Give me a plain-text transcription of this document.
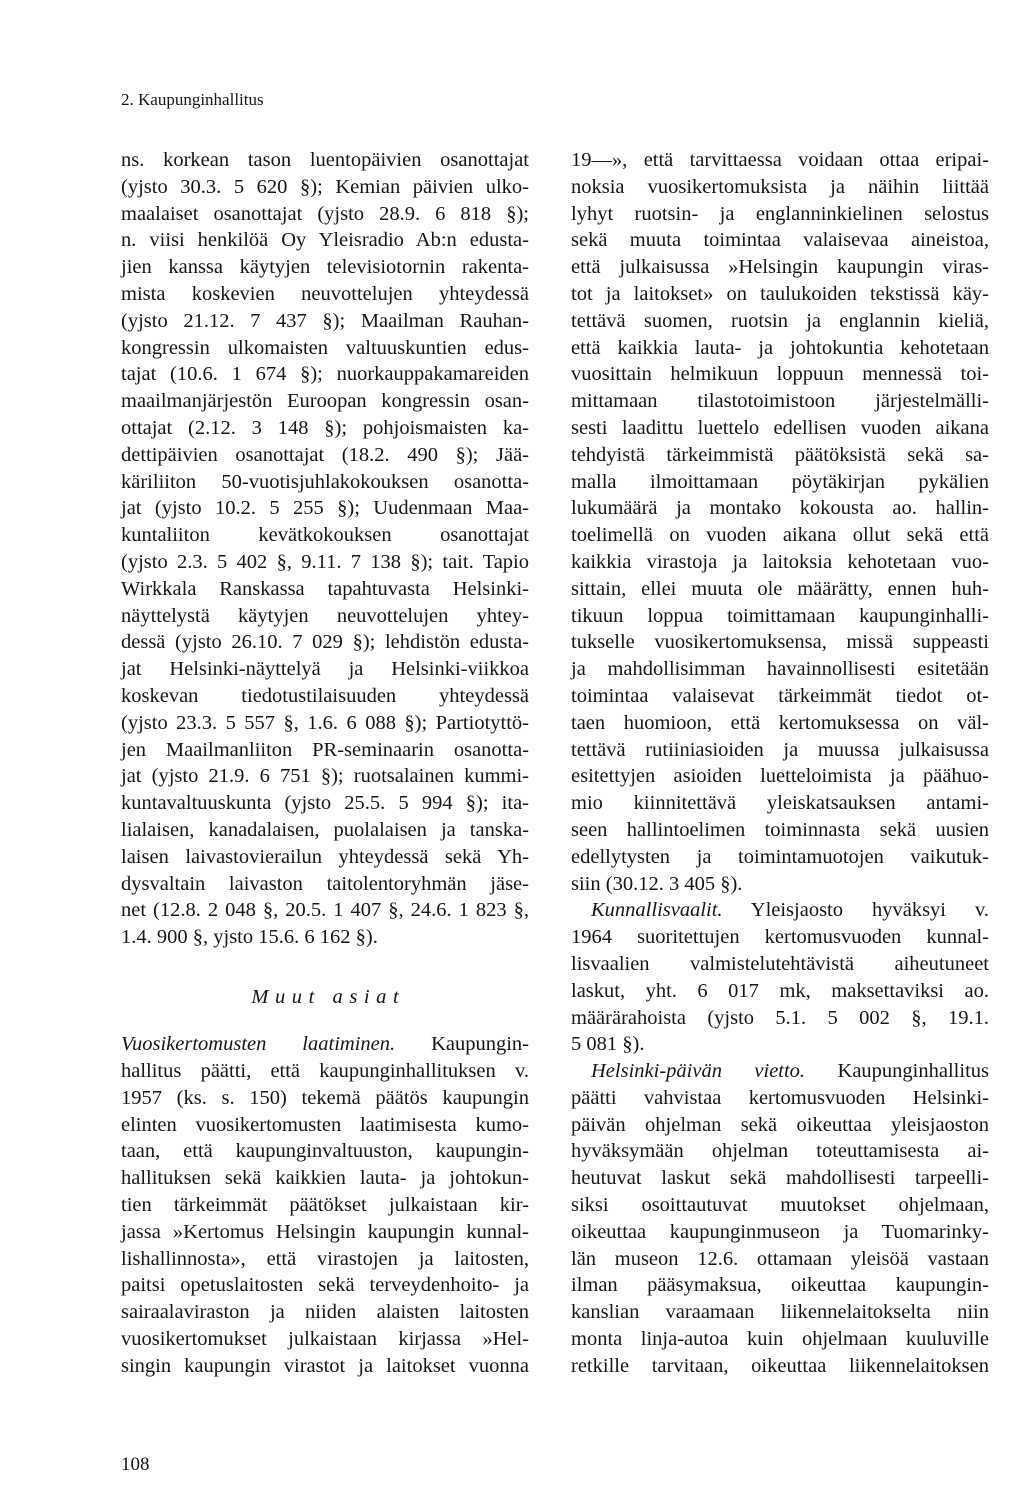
2. Kaupunginhallitus
ns. korkean tason luentopäivien osanottajat
(yjsto 30.3. 5 620 §); Kemian päivien ulko-
maalaiset osanottajat (yjsto 28.9. 6 818 §);
n. viisi henkilöä Oy Yleisradio Ab:n edusta-
jien kanssa käytyjen televisiotornin rakenta-
mista koskevien neuvottelujen yhteydessä
(yjsto 21.12. 7 437 §); Maailman Rauhan-
kongressin ulkomaisten valtuuskuntien edus-
tajat (10.6. 1 674 §); nuorkauppakamareiden
maailmanjärjestön Euroopan kongressin osan-
ottajat (2.12. 3 148 §); pohjoismaisten ka-
dettipäivien osanottajat (18.2. 490 §); Jää-
käriliiton 50-vuotisjuhlakokouksen osanotta-
jat (yjsto 10.2. 5 255 §); Uudenmaan Maa-
kuntaliiton kevätkokouksen osanottajat
(yjsto 2.3. 5 402 §, 9.11. 7 138 §); tait. Tapio
Wirkkala Ranskassa tapahtuvasta Helsinki-
näyttelystä käytyjen neuvottelujen yhtey-
dessä (yjsto 26.10. 7 029 §); lehdistön edusta-
jat Helsinki-näyttelyä ja Helsinki-viikkoa
koskevan tiedotustilaisuuden yhteydessä
(yjsto 23.3. 5 557 §, 1.6. 6 088 §); Partiotyttö-
jen Maailmanliiton PR-seminaarin osanotta-
jat (yjsto 21.9. 6 751 §); ruotsalainen kummi-
kuntavaltuuskunta (yjsto 25.5. 5 994 §); ita-
lialaisen, kanadalaisen, puolalaisen ja tanska-
laisen laivastovierailun yhteydessä sekä Yh-
dysvaltain laivaston taitolentoryhmän jäse-
net (12.8. 2 048 §, 20.5. 1 407 §, 24.6. 1 823 §,
1.4. 900 §, yjsto 15.6. 6 162 §).
Muut asiat
Vuosikertomusten laatiminen. Kaupungin-
hallitus päätti, että kaupunginhallituksen v.
1957 (ks. s. 150) tekemä päätös kaupungin
elinten vuosikertomusten laatimisesta kumo-
taan, että kaupunginvaltuuston, kaupungin-
hallituksen sekä kaikkien lauta- ja johtokun-
tien tärkeimmät päätökset julkaistaan kir-
jassa »Kertomus Helsingin kaupungin kunnal-
lishallinnosta», että virastojen ja laitosten,
paitsi opetuslaitosten sekä terveydenhoito- ja
sairaalaviraston ja niiden alaisten laitosten
vuosikertomukset julkaistaan kirjassa »Hel-
singin kaupungin virastot ja laitokset vuonna
19—», että tarvittaessa voidaan ottaa eripai-
noksia vuosikertomuksista ja näihin liittää
lyhyt ruotsin- ja englanninkielinen selostus
sekä muuta toimintaa valaisevaa aineistoa,
että julkaisussa »Helsingin kaupungin viras-
tot ja laitokset» on taulukoiden tekstissä käy-
tettävä suomen, ruotsin ja englannin kieliä,
että kaikkia lauta- ja johtokuntia kehotetaan
vuosittain helmikuun loppuun mennessä toi-
mittamaan tilastotoimistoon järjestelmälli-
sesti laadittu luettelo edellisen vuoden aikana
tehdyistä tärkeimmistä päätöksistä sekä sa-
malla ilmoittamaan pöytäkirjan pykälien
lukumäärä ja montako kokousta ao. hallin-
toelimellä on vuoden aikana ollut sekä että
kaikkia virastoja ja laitoksia kehotetaan vuo-
sittain, ellei muuta ole määrätty, ennen huh-
tikuun loppua toimittamaan kaupunginhalli-
tukselle vuosikertomuksensa, missä suppeasti
ja mahdollisimman havainnollisesti esitetään
toimintaa valaisevat tärkeimmät tiedot ot-
taen huomioon, että kertomuksessa on väl-
tettävä rutiiniasioiden ja muussa julkaisussa
esitettyjen asioiden luetteloimista ja päähuo-
mio kiinnitettävä yleiskatsauksen antami-
seen hallintoelimen toiminnasta sekä uusien
edellytysten ja toimintamuotojen vaikutuk-
siin (30.12. 3 405 §).
Kunnallisvaalit. Yleisjaosto hyväksyi v.
1964 suoritettujen kertomusvuoden kunnal-
lisvaalien valmistelutehtävistä aiheutuneet
laskut, yht. 6 017 mk, maksettaviksi ao.
määrärahoista (yjsto 5.1. 5 002 §, 19.1.
5 081 §).
Helsinki-päivän vietto. Kaupunginhallitus
päätti vahvistaa kertomusvuoden Helsinki-
päivän ohjelman sekä oikeuttaa yleisjaoston
hyväksymään ohjelman toteuttamisesta ai-
heutuvat laskut sekä mahdollisesti tarpeelli-
siksi osoittautuvat muutokset ohjelmaan,
oikeuttaa kaupunginmuseon ja Tuomarinky-
län museon 12.6. ottamaan yleisöä vastaan
ilman pääsymaksua, oikeuttaa kaupungin-
kanslian varaamaan liikennelaitokselta niin
monta linja-autoa kuin ohjelmaan kuuluville
retkille tarvitaan, oikeuttaa liikennelaitoksen
108
